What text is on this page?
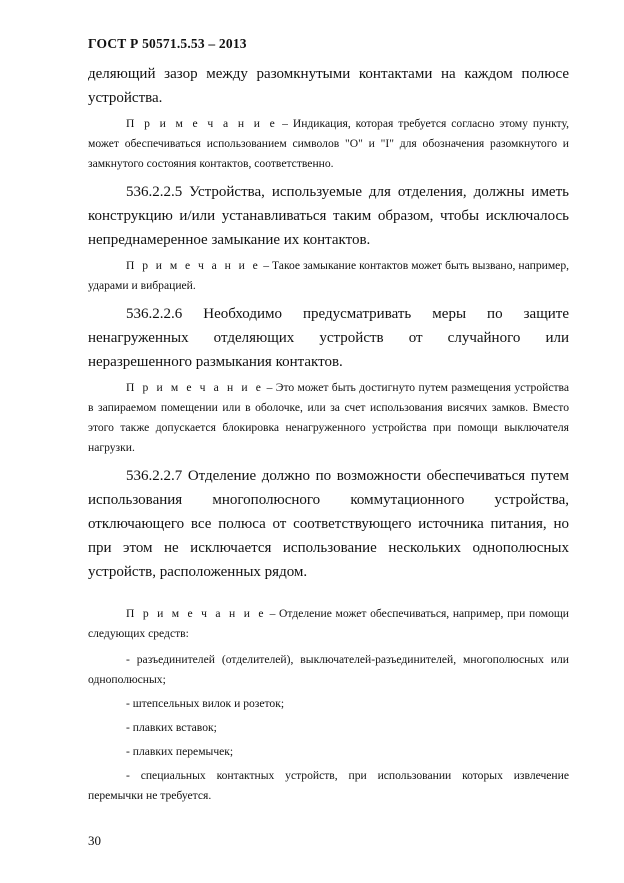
ГОСТ Р 50571.5.53 – 2013

деляющий зазор между разомкнутыми контактами на каждом полюсе устройства.

П р и м е ч а н и е – Индикация, которая требуется согласно этому пункту, может обеспечиваться использованием символов "О" и "I" для обозначения разомкнутого и замкнутого состояния контактов, соответственно.

536.2.2.5 Устройства, используемые для отделения, должны иметь конструкцию и/или устанавливаться таким образом, чтобы исключалось непреднамеренное замыкание их контактов.

П р и м е ч а н и е – Такое замыкание контактов может быть вызвано, например, ударами и вибрацией.

536.2.2.6 Необходимо предусматривать меры по защите ненагруженных отделяющих устройств от случайного или неразрешенного размыкания контактов.

П р и м е ч а н и е – Это может быть достигнуто путем размещения устройства в запираемом помещении или в оболочке, или за счет использования висячих замков. Вместо этого также допускается блокировка ненагруженного устройства при помощи выключателя нагрузки.

536.2.2.7 Отделение должно по возможности обеспечиваться путем использования многополюсного коммутационного устройства, отключающего все полюса от соответствующего источника питания, но при этом не исключается использование нескольких однополюсных устройств, расположенных рядом.

П р и м е ч а н и е – Отделение может обеспечиваться, например, при помощи следующих средств:

- разъединителей (отделителей), выключателей-разъединителей, многополюсных или однополюсных;

- штепсельных вилок и розеток;

- плавких вставок;

- плавких перемычек;

- специальных контактных устройств, при использовании которых извлечение перемычки не требуется.

30
